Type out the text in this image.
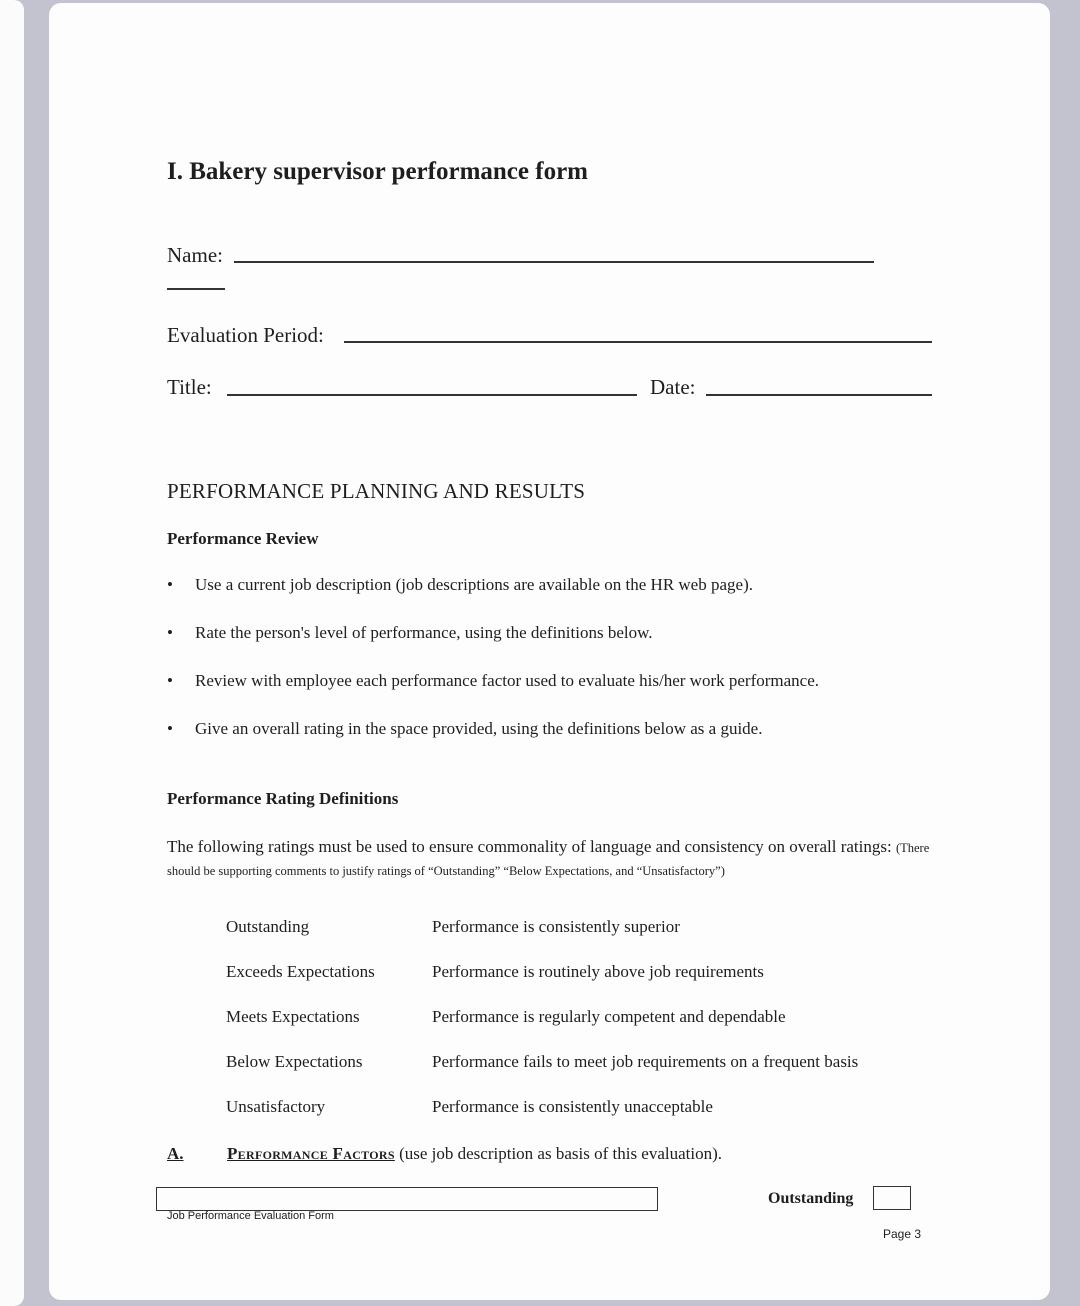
I. Bakery supervisor performance form
Name:
Evaluation Period:
Title:	Date:
PERFORMANCE PLANNING AND RESULTS
Performance Review
• Use a current job description (job descriptions are available on the HR web page).
• Rate the person's level of performance, using the definitions below.
• Review with employee each performance factor used to evaluate his/her work performance.
• Give an overall rating in the space provided, using the definitions below as a guide.
Performance Rating Definitions
The following ratings must be used to ensure commonality of language and consistency on overall ratings: (There should be supporting comments to justify ratings of “Outstanding” “Below Expectations, and “Unsatisfactory”)
Outstanding	Performance is consistently superior
Exceeds Expectations	Performance is routinely above job requirements
Meets Expectations	Performance is regularly competent and dependable
Below Expectations	Performance fails to meet job requirements on a frequent basis
Unsatisfactory	Performance is consistently unacceptable
A.	Performance Factors (use job description as basis of this evaluation).
Outstanding
Job Performance Evaluation Form
Page 3
